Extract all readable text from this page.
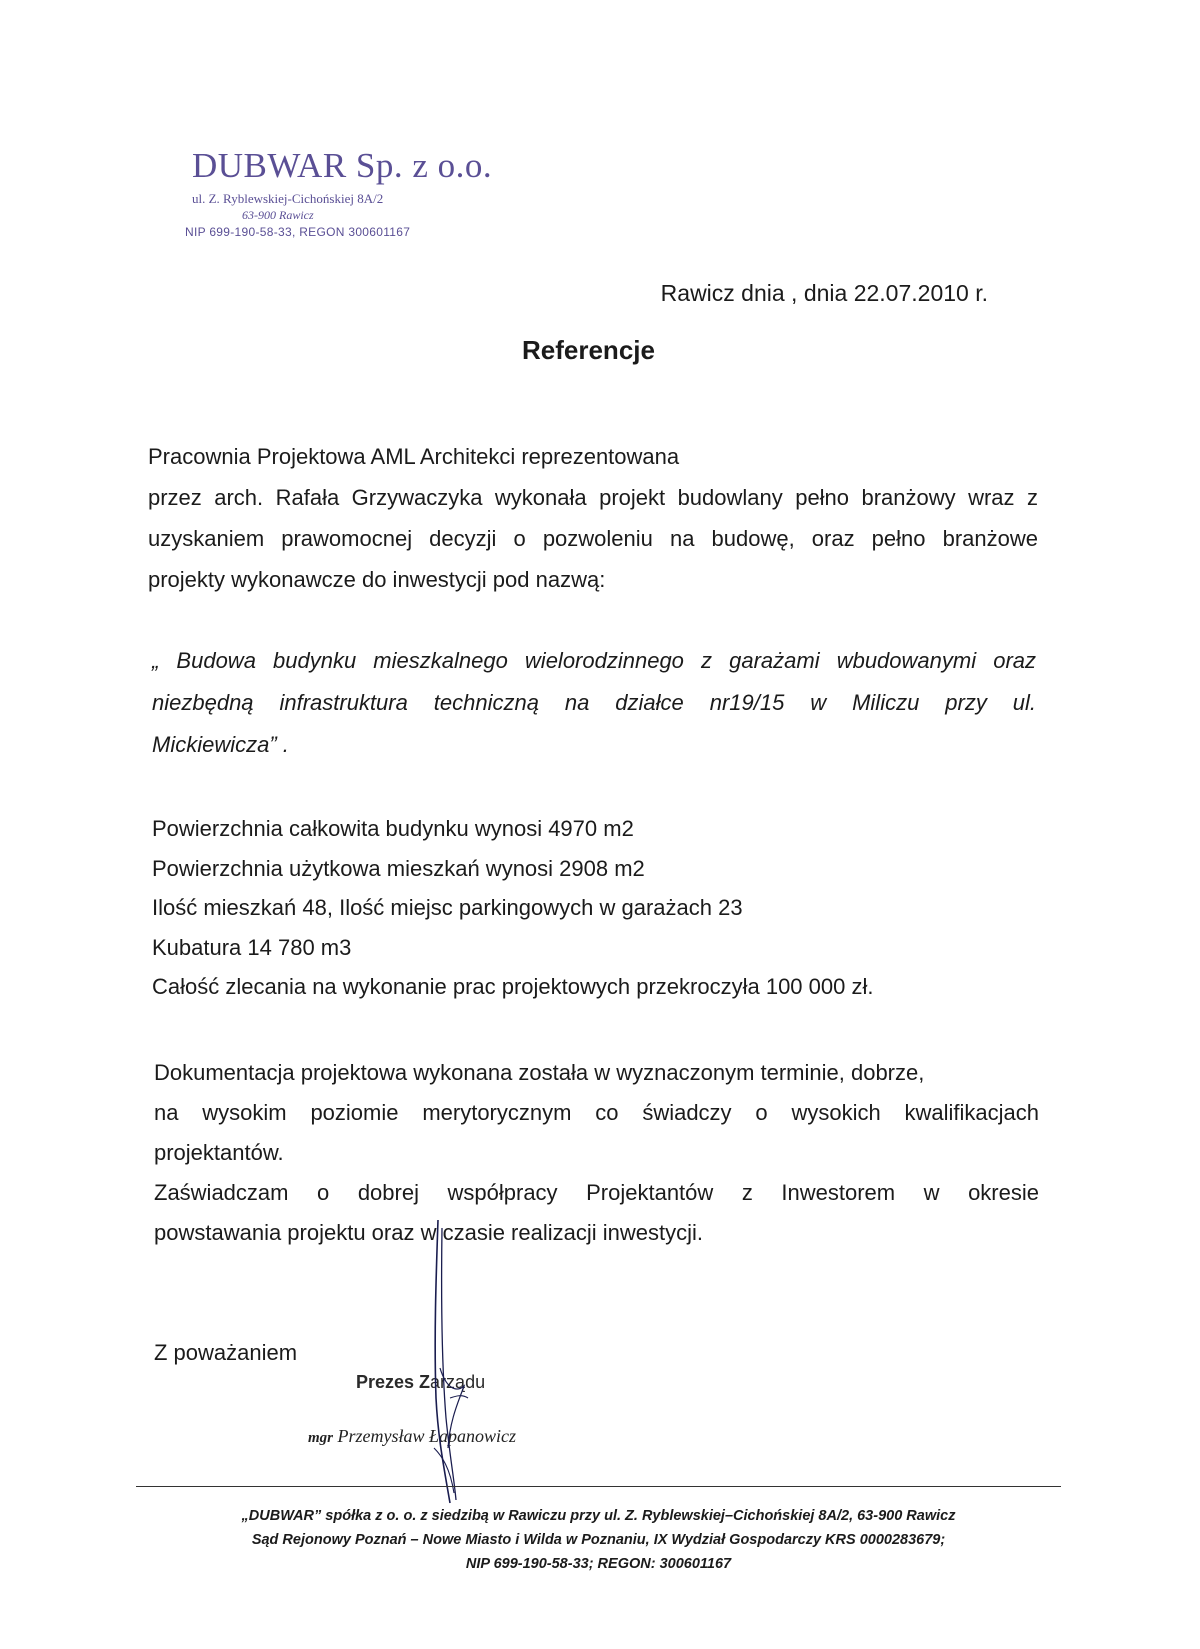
DUBWAR Sp. z o.o.
ul. Z. Ryblewskiej-Cichońskiej 8A/2
63-900 Rawicz
NIP 699-190-58-33, REGON 300601167
Rawicz dnia , dnia 22.07.2010 r.
Referencje
Pracownia Projektowa AML Architekci reprezentowana
przez arch. Rafała Grzywaczyka wykonała projekt budowlany pełno branżowy wraz z
uzyskaniem prawomocnej decyzji o pozwoleniu na budowę, oraz pełno branżowe
projekty wykonawcze do inwestycji pod nazwą:
„ Budowa budynku mieszkalnego wielorodzinnego z garażami wbudowanymi oraz
niezbędną infrastruktura techniczną na działce nr19/15 w Miliczu przy ul.
Mickiewicza” .
Powierzchnia całkowita budynku wynosi 4970 m2
Powierzchnia użytkowa mieszkań wynosi 2908 m2
Ilość mieszkań 48, Ilość miejsc parkingowych w garażach 23
Kubatura 14 780 m3
Całość zlecania na wykonanie prac projektowych przekroczyła 100 000 zł.
Dokumentacja projektowa wykonana została w wyznaczonym terminie, dobrze,
na wysokim poziomie merytorycznym co świadczy o wysokich kwalifikacjach
projektantów.
Zaświadczam o dobrej współpracy Projektantów z Inwestorem w okresie
powstawania projektu oraz w czasie realizacji inwestycji.
Z poważaniem
Prezes Zarządu
mgr Przemysław Łapanowicz
„DUBWAR” spółka z o. o. z siedzibą w Rawiczu przy ul. Z. Ryblewskiej–Cichońskiej 8A/2, 63-900 Rawicz
Sąd Rejonowy Poznań – Nowe Miasto i Wilda w Poznaniu, IX Wydział Gospodarczy KRS 0000283679;
NIP 699-190-58-33; REGON: 300601167
